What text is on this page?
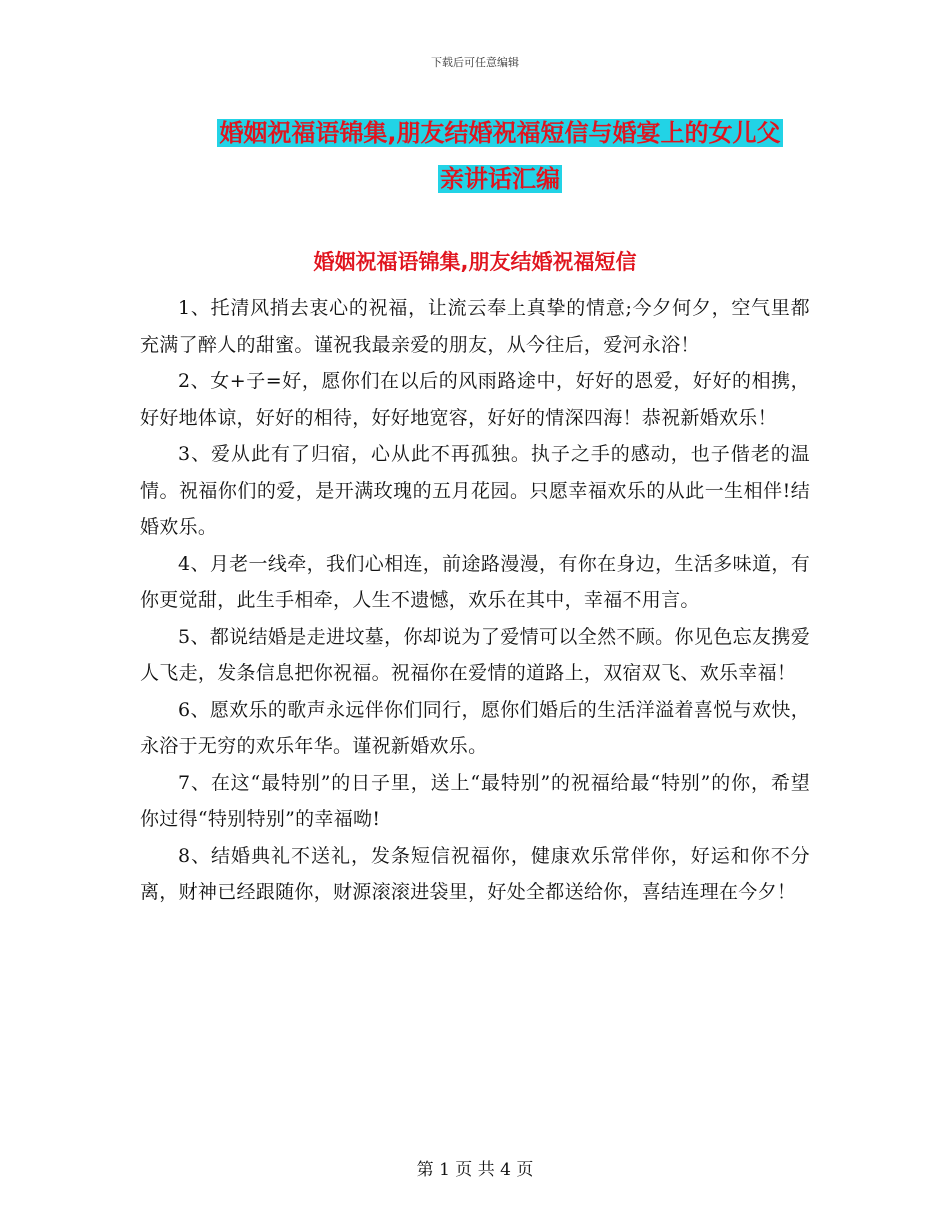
下载后可任意编辑
婚姻祝福语锦集,朋友结婚祝福短信与婚宴上的女儿父
亲讲话汇编
婚姻祝福语锦集,朋友结婚祝福短信

1、托清风捎去衷心的祝福，让流云奉上真挚的情意;今夕何夕，空气里都充满了醉人的甜蜜。谨祝我最亲爱的朋友，从今往后，爱河永浴！

2、女+子=好，愿你们在以后的风雨路途中，好好的恩爱，好好的相携，好好地体谅，好好的相待，好好地宽容，好好的情深四海！恭祝新婚欢乐！

3、爱从此有了归宿，心从此不再孤独。执子之手的感动，也子偕老的温情。祝福你们的爱，是开满玫瑰的五月花园。只愿幸福欢乐的从此一生相伴!结婚欢乐。

4、月老一线牵，我们心相连，前途路漫漫，有你在身边，生活多味道，有你更觉甜，此生手相牵，人生不遗憾，欢乐在其中，幸福不用言。

5、都说结婚是走进坟墓，你却说为了爱情可以全然不顾。你见色忘友携爱人飞走，发条信息把你祝福。祝福你在爱情的道路上，双宿双飞、欢乐幸福！

6、愿欢乐的歌声永远伴你们同行，愿你们婚后的生活洋溢着喜悦与欢快，永浴于无穷的欢乐年华。谨祝新婚欢乐。

7、在这“最特别”的日子里，送上“最特别”的祝福给最“特别”的你，希望你过得“特别特别”的幸福呦!

8、结婚典礼不送礼，发条短信祝福你，健康欢乐常伴你，好运和你不分离，财神已经跟随你，财源滚滚进袋里，好处全都送给你，喜结连理在今夕！

第 1 页 共 4 页
